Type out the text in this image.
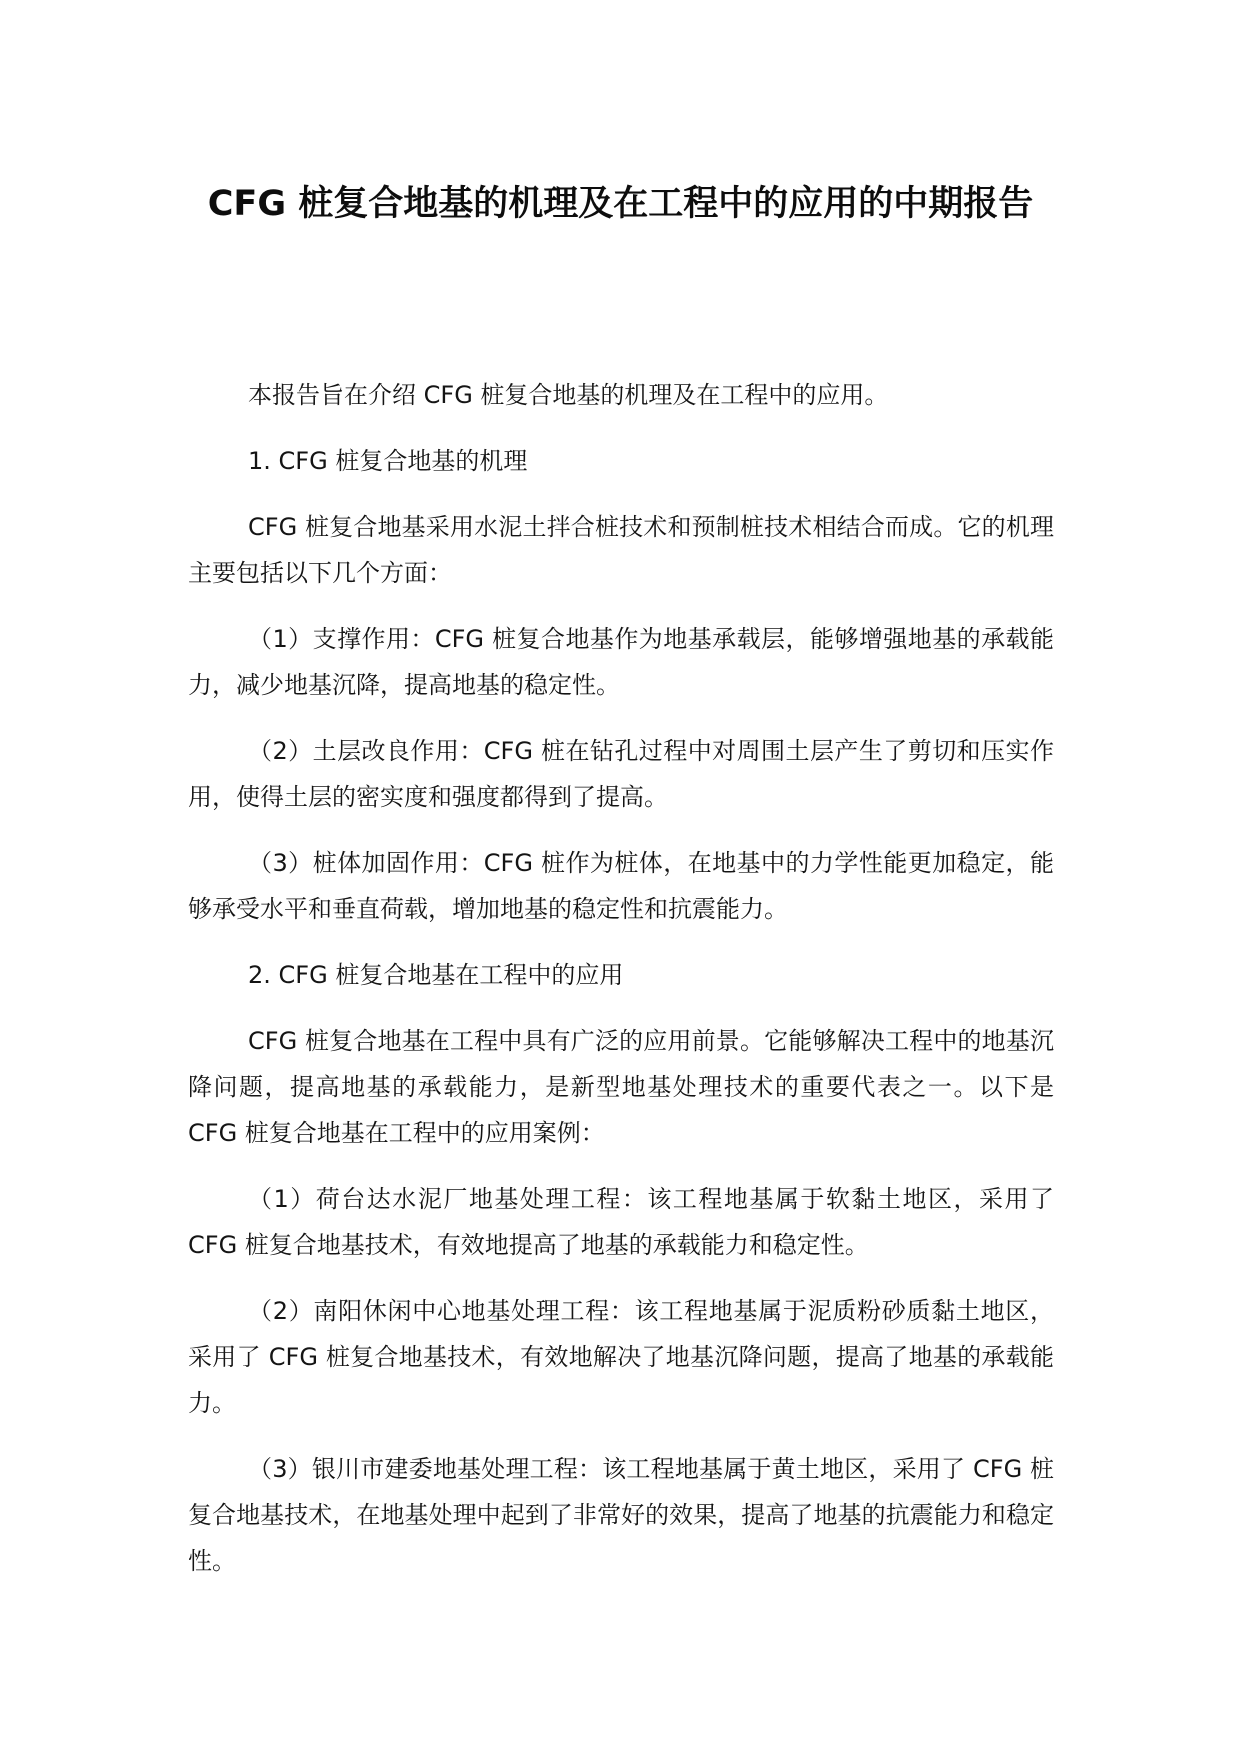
CFG 桩复合地基的机理及在工程中的应用的中期报告

本报告旨在介绍 CFG 桩复合地基的机理及在工程中的应用。

1. CFG 桩复合地基的机理

CFG 桩复合地基采用水泥土拌合桩技术和预制桩技术相结合而成。它的机理主要包括以下几个方面：

（1）支撑作用：CFG 桩复合地基作为地基承载层，能够增强地基的承载能力，减少地基沉降，提高地基的稳定性。

（2）土层改良作用：CFG 桩在钻孔过程中对周围土层产生了剪切和压实作用，使得土层的密实度和强度都得到了提高。

（3）桩体加固作用：CFG 桩作为桩体，在地基中的力学性能更加稳定，能够承受水平和垂直荷载，增加地基的稳定性和抗震能力。

2. CFG 桩复合地基在工程中的应用

CFG 桩复合地基在工程中具有广泛的应用前景。它能够解决工程中的地基沉降问题，提高地基的承载能力，是新型地基处理技术的重要代表之一。以下是 CFG 桩复合地基在工程中的应用案例：

（1）荷台达水泥厂地基处理工程：该工程地基属于软黏土地区，采用了 CFG 桩复合地基技术，有效地提高了地基的承载能力和稳定性。

（2）南阳休闲中心地基处理工程：该工程地基属于泥质粉砂质黏土地区，采用了 CFG 桩复合地基技术，有效地解决了地基沉降问题，提高了地基的承载能力。

（3）银川市建委地基处理工程：该工程地基属于黄土地区，采用了 CFG 桩复合地基技术，在地基处理中起到了非常好的效果，提高了地基的抗震能力和稳定性。
